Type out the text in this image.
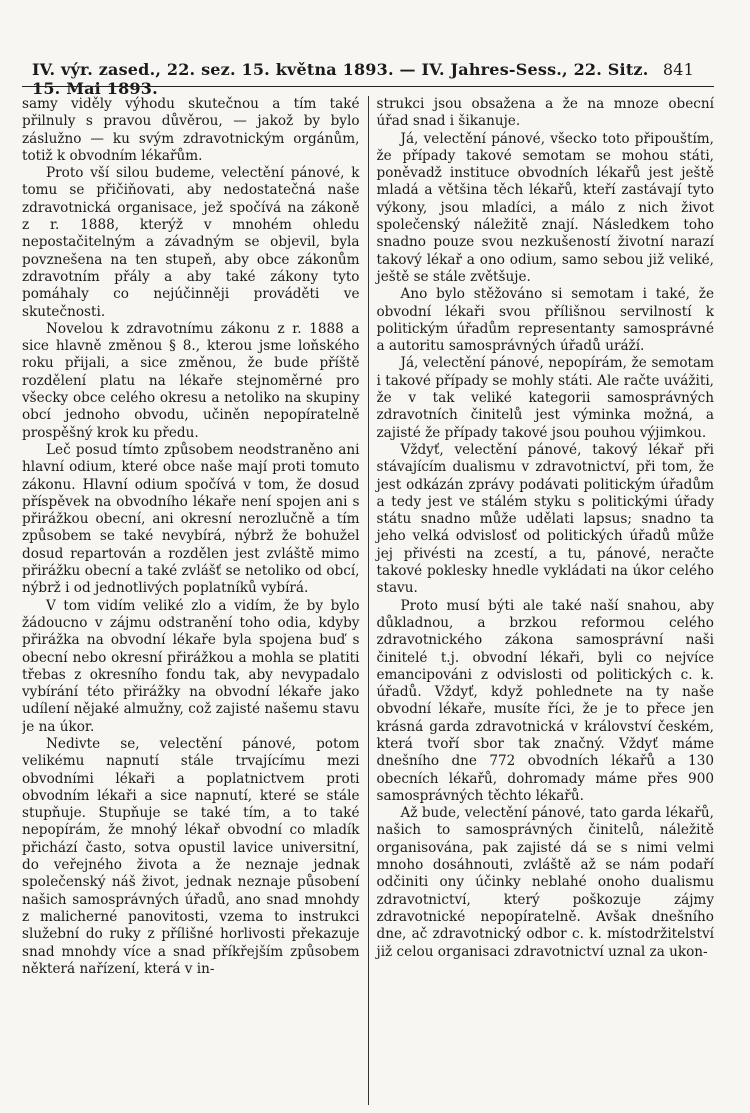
IV. výr. zased., 22. sez. 15. května 1893. — IV. Jahres-Sess., 22. Sitz. 15. Mai 1893.
841

samy viděly výhodu skutečnou a tím také přilnuly s pravou důvěrou, — jakož by bylo záslužno — ku svým zdravotnickým orgánům, totiž k obvodním lékařům.

Proto vší silou budeme, velectění pánové, k tomu se přičiňovati, aby nedostatečná naše zdravotnická organisace, jež spočívá na zákoně z r. 1888, kterýž v mnohém ohledu nepostačitelným a závadným se objevil, byla povznešena na ten stupeň, aby obce zákonům zdravotním přály a aby také zákony tyto pomáhaly co nejúčinněji prováděti ve skutečnosti.

Novelou k zdravotnímu zákonu z r. 1888 a sice hlavně změnou § 8., kterou jsme loňského roku přijali, a sice změnou, že bude příště rozdělení platu na lékaře stejnoměrné pro všecky obce celého okresu a netoliko na skupiny obcí jednoho obvodu, učiněn nepopíratelně prospěšný krok ku předu.

Leč posud tímto způsobem neodstraněno ani hlavní odium, které obce naše mají proti tomuto zákonu. Hlavní odium spočívá v tom, že dosud příspěvek na obvodního lékaře není spojen ani s přirážkou obecní, ani okresní nerozlučně a tím způsobem se také nevybírá, nýbrž že bohužel dosud repartován a rozdělen jest zvláště mimo přirážku obecní a také zvlášť se netoliko od obcí, nýbrž i od jednotlivých poplatníků vybírá.

V tom vidím veliké zlo a vidím, že by bylo žádoucno v zájmu odstranění toho odia, kdyby přirážka na obvodní lékaře byla spojena buď s obecní nebo okresní přirážkou a mohla se platiti třebas z okresního fondu tak, aby nevypadalo vybírání této přirážky na obvodní lékaře jako udílení nějaké almužny, což zajisté našemu stavu je na úkor.

Nedivte se, velectění pánové, potom velikému napnutí stále trvajícímu mezi obvodními lékaři a poplatnictvem proti obvodním lékaři a sice napnutí, které se stále stupňuje. Stupňuje se také tím, a to také nepopírám, že mnohý lékař obvodní co mladík přichází často, sotva opustil lavice universitní, do veřejného života a že neznaje jednak společenský náš život, jednak neznaje působení našich samosprávných úřadů, ano snad mnohdy z malicherné panovitosti, vzema to instrukci služební do ruky z přílišné horlivosti překazuje snad mnohdy více a snad příkřejším způsobem některá nařízení, která v in-

strukci jsou obsažena a že na mnoze obecní úřad snad i šikanuje.

Já, velectění pánové, všecko toto připouštím, že případy takové semotam se mohou státi, poněvadž instituce obvodních lékařů jest ještě mladá a většina těch lékařů, kteří zastávají tyto výkony, jsou mladíci, a málo z nich život společenský náležitě znají. Následkem toho snadno pouze svou nezkušeností životní narazí takový lékař a ono odium, samo sebou již veliké, ještě se stále zvětšuje.

Ano bylo stěžováno si semotam i také, že obvodní lékaři svou přílišnou servilností k politickým úřadům representanty samosprávné a autoritu samosprávných úřadů uráží.

Já, velectění pánové, nepopírám, že semotam i takové případy se mohly státi. Ale račte uvážiti, že v tak veliké kategorii samosprávných zdravotních činitelů jest výminka možná, a zajisté že případy takové jsou pouhou výjimkou.

Vždyť, velectění pánové, takový lékař při stávajícím dualismu v zdravotnictví, při tom, že jest odkázán zprávy podávati politickým úřadům a tedy jest ve stálém styku s politickými úřady státu snadno může udělati lapsus; snadno ta jeho velká odvislosť od politických úřadů může jej přivésti na zcestí, a tu, pánové, neračte takové poklesky hnedle vykládati na úkor celého stavu.

Proto musí býti ale také naší snahou, aby důkladnou, a brzkou reformou celého zdravotnického zákona samosprávní naši činitelé t.j. obvodní lékaři, byli co nejvíce emancipováni z odvislosti od politických c. k. úřadů. Vždyť, když pohlednete na ty naše obvodní lékaře, musíte říci, že je to přece jen krásná garda zdravotnická v království českém, která tvoří sbor tak značný. Vždyť máme dnešního dne 772 obvodních lékařů a 130 obecních lékařů, dohromady máme přes 900 samosprávných těchto lékařů.

Až bude, velectění pánové, tato garda lékařů, našich to samosprávných činitelů, náležitě organisována, pak zajisté dá se s nimi velmi mnoho dosáhnouti, zvláště až se nám podaří odčiniti ony účinky neblahé onoho dualismu zdravotnictví, který poškozuje zájmy zdravotnické nepopíratelně. Avšak dnešního dne, ač zdravotnický odbor c. k. místodržitelství již celou organisaci zdravotnictví uznal za ukon-
